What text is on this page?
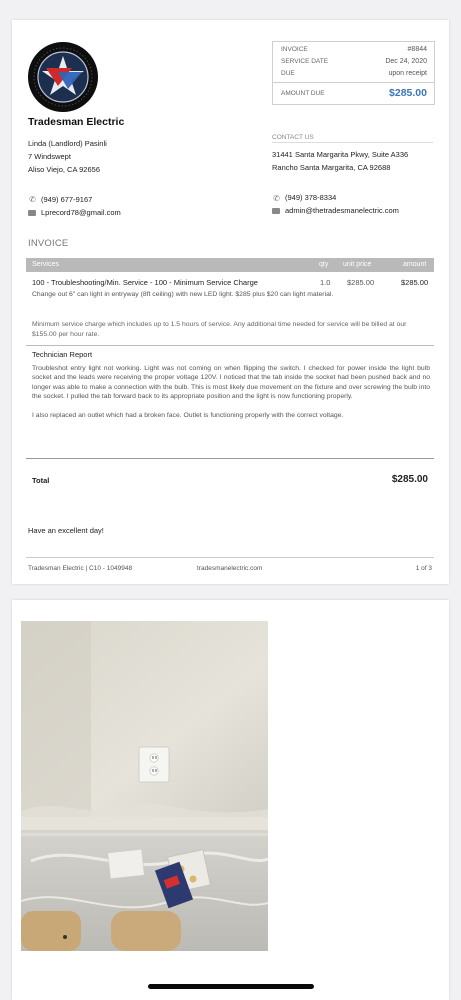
Tradesman Electric
Linda (Landlord) Pasinli
7 Windswept
Aliso Viejo, CA 92656
✆ (949) 677-9167
Lprecord78@gmail.com
INVOICE	#8844
SERVICE DATE	Dec 24, 2020
DUE	upon receipt
AMOUNT DUE	$285.00
CONTACT US
31441 Santa Margarita Pkwy, Suite A336
Rancho Santa Margarita, CA 92688
✆ (949) 378-8334
admin@thetradesmanelectric.com
INVOICE
Services	qty unit price	amount
100 - Troubleshooting/Min. Service - 100 - Minimum Service Charge	1.0 $285.00	$285.00
Change out 6" can light in entryway (8ft ceiling) with new LED light. $285 plus $20 can light material.
Minimum service charge which includes up to 1.5 hours of service. Any additional time needed for service will be billed at our $155.00 per hour rate.
Technician Report

Troubleshot entry light not working. Light was not coming on when flipping the switch. I checked for power inside the light bulb socket and the leads were receiving the proper voltage 120V. I noticed that the tab inside the socket had been pushed back and no longer was able to make a connection with the bulb. This is most likely due movement on the fixture and over screwing the bulb into the socket. I pulled the tab forward back to its appropriate position and the light is now functioning properly.

I also replaced an outlet which had a broken face. Outlet is functioning properly with the correct voltage.

Total	$285.00
Have an excellent day!
Tradesman Electric | C10 - 1049948	tradesmanelectric.com	1 of 3
